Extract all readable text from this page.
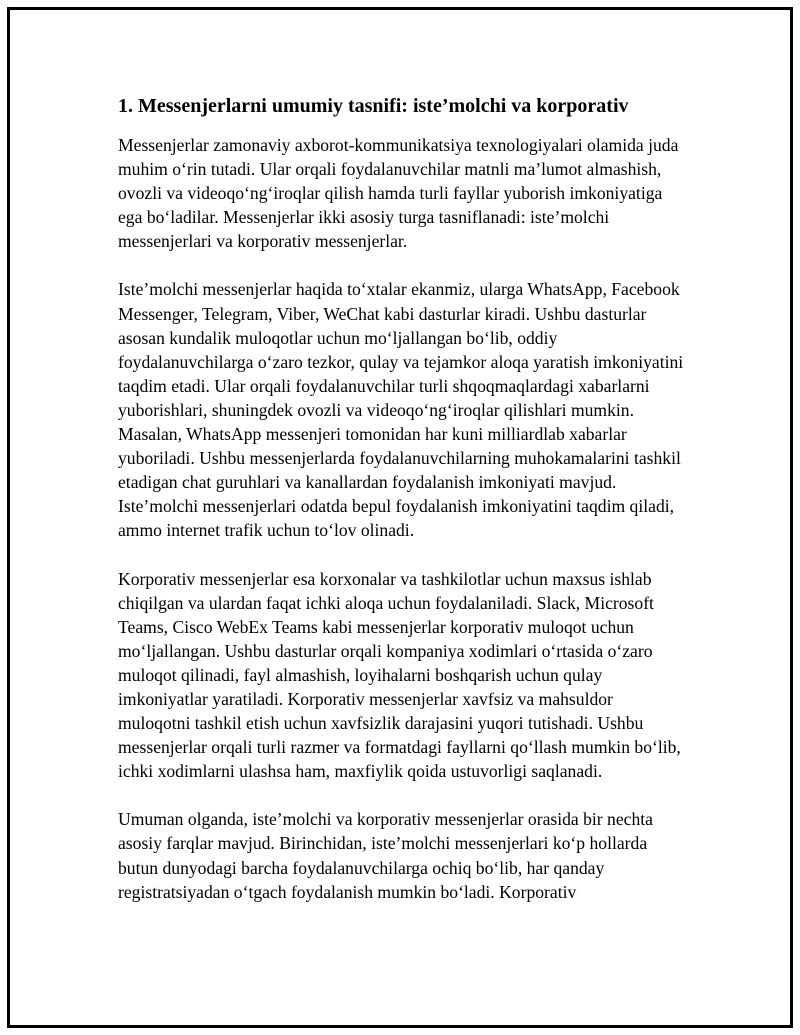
1. Messenjerlarni umumiy tasnifi: iste’molchi va korporativ

Messenjerlar zamonaviy axborot-kommunikatsiya texnologiyalari olamida juda muhim oʻrin tutadi. Ular orqali foydalanuvchilar matnli ma’lumot almashish, ovozli va videoqoʻngʻiroqlar qilish hamda turli fayllar yuborish imkoniyatiga ega boʻladilar. Messenjerlar ikki asosiy turga tasniflanadi: iste’molchi messenjerlari va korporativ messenjerlar.

Iste’molchi messenjerlar haqida toʻxtalar ekanmiz, ularga WhatsApp, Facebook Messenger, Telegram, Viber, WeChat kabi dasturlar kiradi. Ushbu dasturlar asosan kundalik muloqotlar uchun moʻljallangan boʻlib, oddiy foydalanuvchilarga oʻzaro tezkor, qulay va tejamkor aloqa yaratish imkoniyatini taqdim etadi. Ular orqali foydalanuvchilar turli shqoqmaqlardagi xabarlarni yuborishlari, shuningdek ovozli va videoqoʻngʻiroqlar qilishlari mumkin. Masalan, WhatsApp messenjeri tomonidan har kuni milliardlab xabarlar yuboriladi. Ushbu messenjerlarda foydalanuvchilarning muhokamalarini tashkil etadigan chat guruhlari va kanallardan foydalanish imkoniyati mavjud. Iste’molchi messenjerlari odatda bepul foydalanish imkoniyatini taqdim qiladi, ammo internet trafik uchun toʻlov olinadi.

Korporativ messenjerlar esa korxonalar va tashkilotlar uchun maxsus ishlab chiqilgan va ulardan faqat ichki aloqa uchun foydalaniladi. Slack, Microsoft Teams, Cisco WebEx Teams kabi messenjerlar korporativ muloqot uchun moʻljallangan. Ushbu dasturlar orqali kompaniya xodimlari oʻrtasida oʻzaro muloqot qilinadi, fayl almashish, loyihalarni boshqarish uchun qulay imkoniyatlar yaratiladi. Korporativ messenjerlar xavfsiz va mahsuldor muloqotni tashkil etish uchun xavfsizlik darajasini yuqori tutishadi. Ushbu messenjerlar orqali turli razmer va formatdagi fayllarni qoʻllash mumkin boʻlib, ichki xodimlarni ulashsa ham, maxfiylik qoida ustuvorligi saqlanadi.

Umuman olganda, iste’molchi va korporativ messenjerlar orasida bir nechta asosiy farqlar mavjud. Birinchidan, iste’molchi messenjerlari koʻp hollarda butun dunyodagi barcha foydalanuvchilarga ochiq boʻlib, har qanday registratsiyadan oʻtgach foydalanish mumkin boʻladi. Korporativ
